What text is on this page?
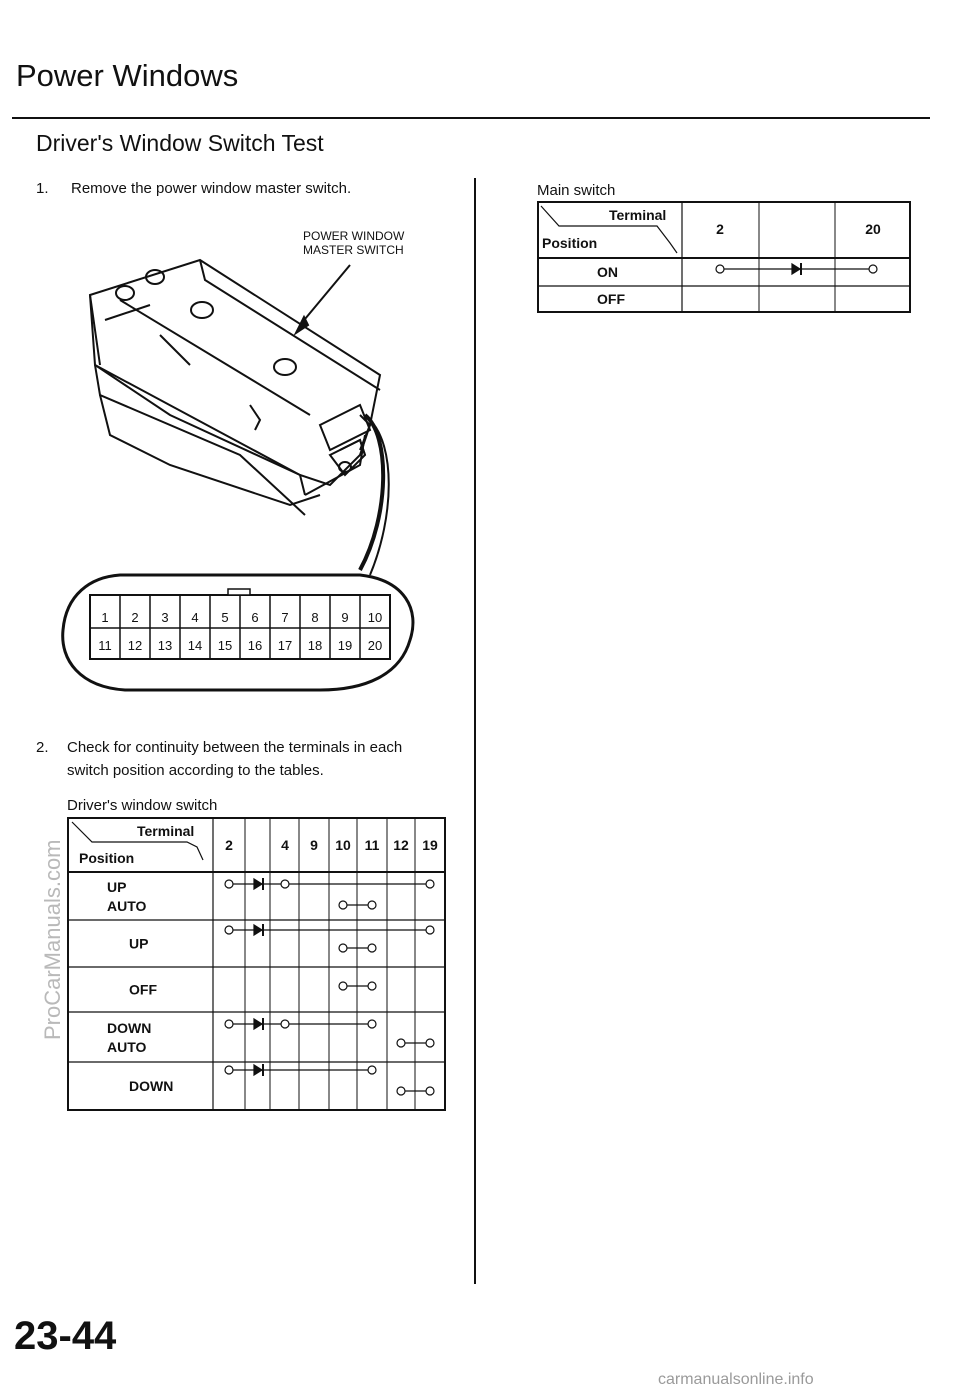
Power Windows
Driver's Window Switch Test
1. Remove the power window master switch.
POWER WINDOW
MASTER SWITCH
1
11
2
12
3
13
4
14
5
15
6
16
7
17
8
18
9
19
10
20
2. Check for continuity between the terminals in each
switch position according to the tables.
Driver's window switch
Terminal
Position
2	4 9 10 11 12 19
UP
AUTO
UP
OFF
DOWN
AUTO
DOWN
Main switch
Terminal
Position
2	20
ON
OFF
23-44
carmanualsonline.info
ProCarManuals.com
